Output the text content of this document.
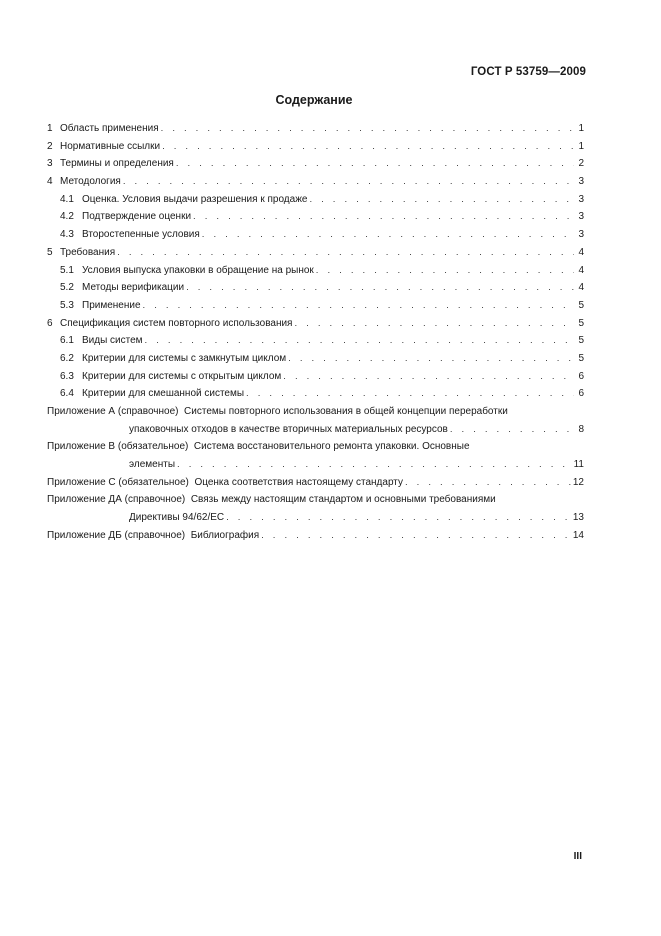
ГОСТ Р 53759—2009
Содержание
1 Область применения . . .	1
2 Нормативные ссылки . . .	1
3 Термины и определения . . .	2
4 Методология . . .	3
4.1 Оценка. Условия выдачи разрешения к продаже . . .	3
4.2 Подтверждение оценки . . .	3
4.3 Второстепенные условия . . .	3
5 Требования . . .	4
5.1 Условия выпуска упаковки в обращение на рынок . . .	4
5.2 Методы верификации . . .	4
5.3 Применение . . .	5
6 Спецификация систем повторного использования . . .	5
6.1 Виды систем . . .	5
6.2 Критерии для системы с замкнутым циклом . . .	5
6.3 Критерии для системы с открытым циклом . . .	6
6.4 Критерии для смешанной системы . . .	6
Приложение А (справочное) Системы повторного использования в общей концепции переработки
упаковочных отходов в качестве вторичных материальных ресурсов . . .	8
Приложение В (обязательное) Система восстановительного ремонта упаковки. Основные
элементы . . .	11
Приложение С (обязательное) Оценка соответствия настоящему стандарту . . .	12
Приложение ДА (справочное) Связь между настоящим стандартом и основными требованиями
Директивы 94/62/ЕС . . .	13
Приложение ДБ (справочное) Библиография . . .	14
III
